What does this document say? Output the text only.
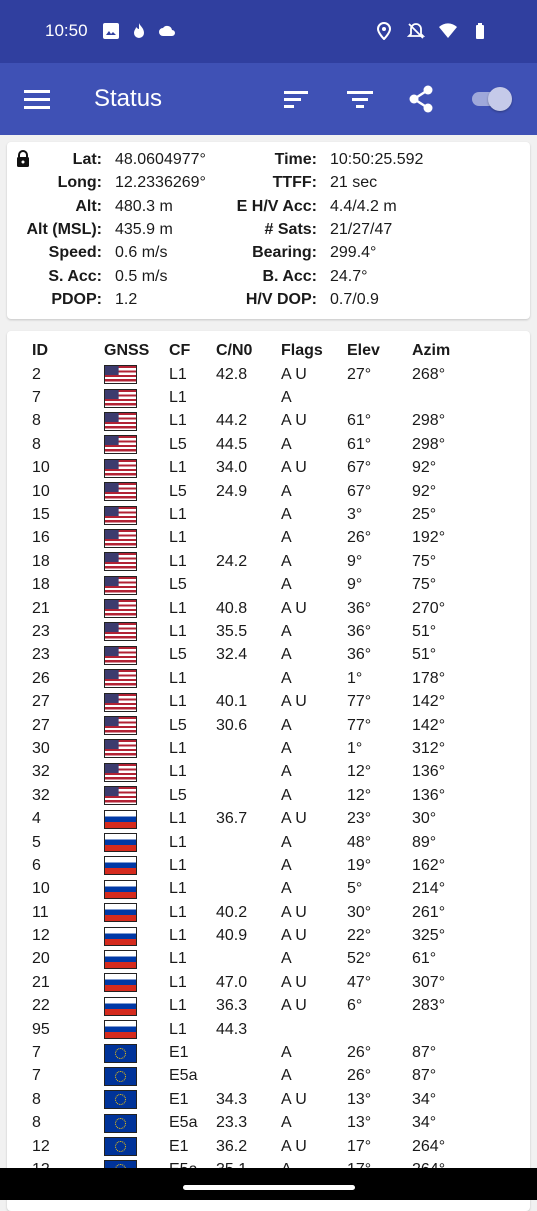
10:50
Status
Lat: 48.0604977°	Time: 10:50:25.592
Long: 12.2336269°	TTFF: 21 sec
Alt: 480.3 m	E H/V Acc: 4.4/4.2 m
Alt (MSL): 435.9 m	# Sats: 21/27/47
Speed: 0.6 m/s	Bearing: 299.4°
S. Acc: 0.5 m/s	B. Acc: 24.7°
PDOP: 1.2	H/V DOP: 0.7/0.9
ID	GNSS	CF	C/N0	Flags	Elev	Azim
2		L1	42.8	A U	27°	268°
7		L1		A		
8		L1	44.2	A U	61°	298°
8		L5	44.5	A	61°	298°
10		L1	34.0	A U	67°	92°
10		L5	24.9	A	67°	92°
15		L1		A	3°	25°
16		L1		A	26°	192°
18		L1	24.2	A	9°	75°
18		L5		A	9°	75°
21		L1	40.8	A U	36°	270°
23		L1	35.5	A	36°	51°
23		L5	32.4	A	36°	51°
26		L1		A	1°	178°
27		L1	40.1	A U	77°	142°
27		L5	30.6	A	77°	142°
30		L1		A	1°	312°
32		L1		A	12°	136°
32		L5		A	12°	136°
4		L1	36.7	A U	23°	30°
5		L1		A	48°	89°
6		L1		A	19°	162°
10		L1		A	5°	214°
11		L1	40.2	A U	30°	261°
12		L1	40.9	A U	22°	325°
20		L1		A	52°	61°
21		L1	47.0	A U	47°	307°
22		L1	36.3	A U	6°	283°
95		L1	44.3			
7		E1		A	26°	87°
7		E5a		A	26°	87°
8		E1	34.3	A U	13°	34°
8		E5a	23.3	A	13°	34°
12		E1	36.2	A U	17°	264°
